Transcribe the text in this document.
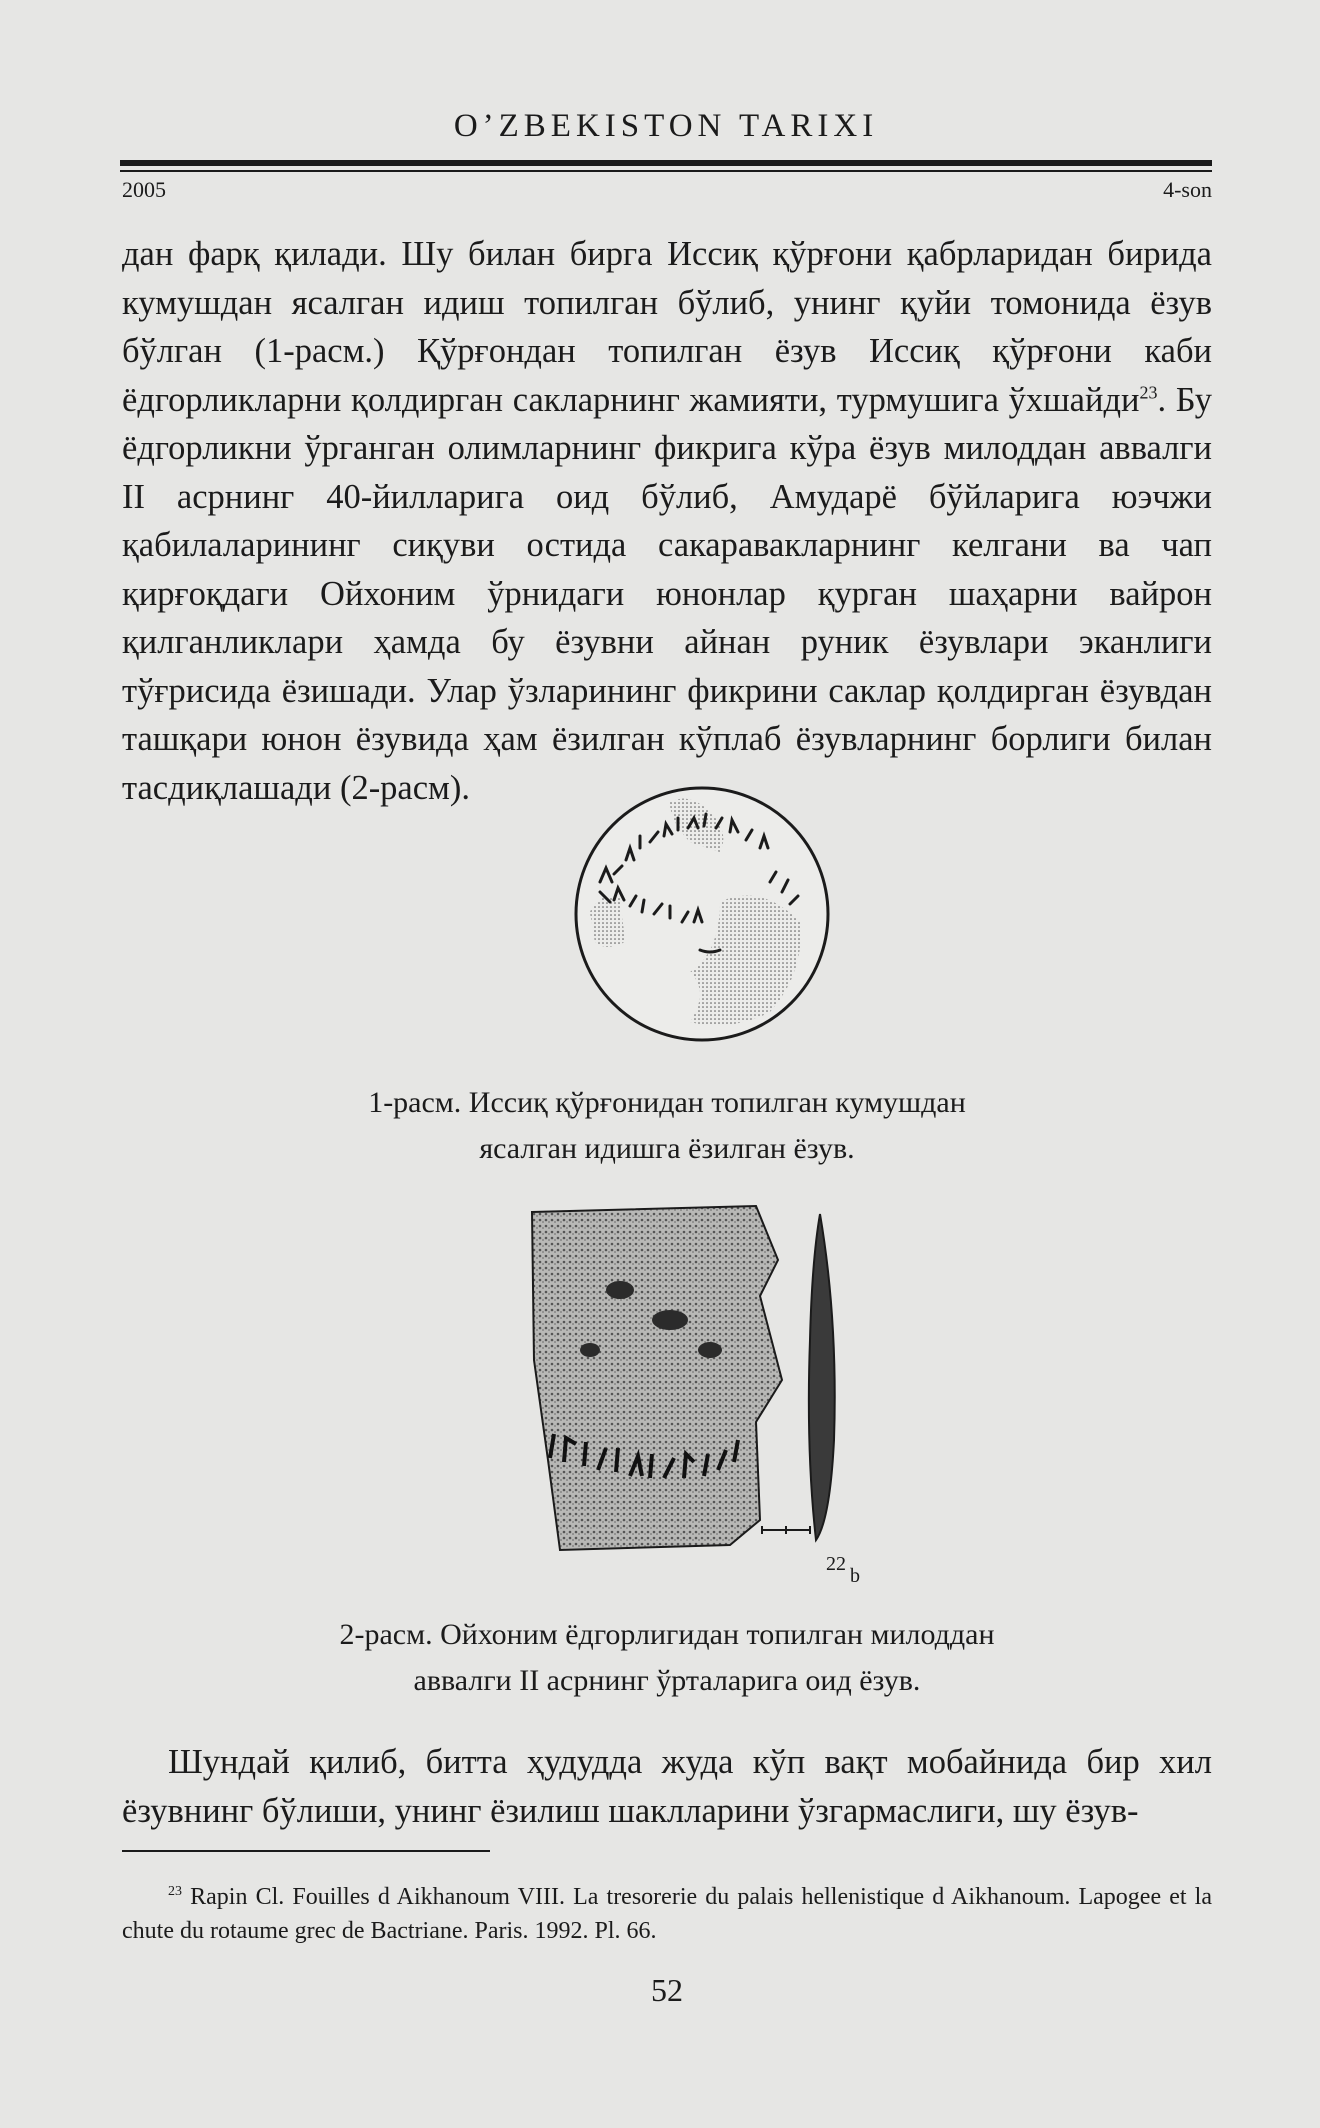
O’ZBEKISTON TARIXI
2005	4-son
дан фарқ қилади. Шу билан бирга Иссиқ қўрғони қабрларидан бирида кумушдан ясалган идиш топилган бўлиб, унинг қуйи томонида ёзув бўлган (1-расм.) Қўрғондан топилган ёзув Иссиқ қўрғони каби ёдгорликларни қолдирган сакларнинг жамияти, турмушига ўхшайди$^{23}$. Бу ёдгорликни ўрганган олимларнинг фикрига кўра ёзув милоддан аввалги II асрнинг 40-йилларига оид бўлиб, Амударё бўйларига юэчжи қабилаларининг сиқуви остида сакаравакларнинг келгани ва чап қирғоқдаги Ойхоним ўрнидаги юнонлар қурган шаҳарни вайрон қилганликлари ҳамда бу ёзувни айнан руник ёзувлари эканлиги тўғрисида ёзишади. Улар ўзларининг фикрини саклар қолдирган ёзувдан ташқари юнон ёзувида ҳам ёзилган кўплаб ёзувларнинг борлиги билан тасдиқлашади (2-расм).
1-расм. Иссиқ қўрғонидан топилган кумушдан
ясалган идишга ёзилган ёзув.
22
b
2-расм. Ойхоним ёдгорлигидан топилган милоддан
аввалги II асрнинг ўрталарига оид ёзув.
Шундай қилиб, битта ҳудудда жуда кўп вақт мобайнида бир хил ёзувнинг бўлиши, унинг ёзилиш шаклларини ўзгармаслиги, шу ёзув-
$^{23}$ Rapin Cl. Fouilles d Aikhanoum VIII. La tresorerie du palais hellenistique d Aikhanoum. Lapogee et la chute du rotaume grec de Bactriane. Paris. 1992. Pl. 66.
52
